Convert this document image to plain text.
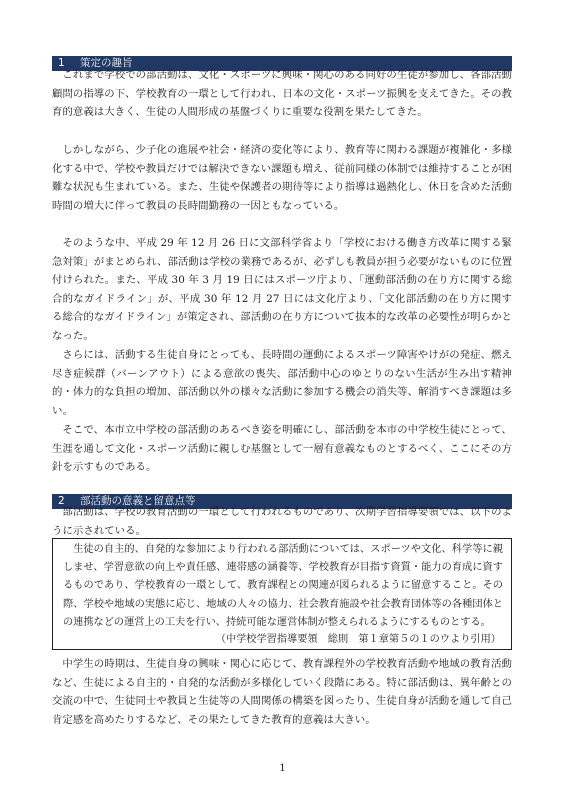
1 策定の趣旨

これまで学校での部活動は、文化・スポーツに興味・関心のある同好の生徒が参加し、各部活動顧問の指導の下、学校教育の一環として行われ、日本の文化・スポーツ振興を支えてきた。その教育的意義は大きく、生徒の人間形成の基盤づくりに重要な役割を果たしてきた。

しかしながら、少子化の進展や社会・経済の変化等により、教育等に関わる課題が複雑化・多様化する中で、学校や教員だけでは解決できない課題も増え、従前同様の体制では維持することが困難な状況も生まれている。また、生徒や保護者の期待等により指導は過熱化し、休日を含めた活動時間の増大に伴って教員の長時間勤務の一因ともなっている。

そのような中、平成 29 年 12 月 26 日に文部科学省より「学校における働き方改革に関する緊急対策」がまとめられ、部活動は学校の業務であるが、必ずしも教員が担う必要がないものに位置付けられた。また、平成 30 年 3 月 19 日にはスポーツ庁より、「運動部活動の在り方に関する総合的なガイドライン」が、平成 30 年 12 月 27 日には文化庁より、「文化部活動の在り方に関する総合的なガイドライン」が策定され、部活動の在り方について抜本的な改革の必要性が明らかとなった。

さらには、活動する生徒自身にとっても、長時間の運動によるスポーツ障害やけがの発症、燃え尽き症候群（バーンアウト）による意欲の喪失、部活動中心のゆとりのない生活が生み出す精神的・体力的な負担の増加、部活動以外の様々な活動に参加する機会の消失等、解消すべき課題は多い。

そこで、本市立中学校の部活動のあるべき姿を明確にし、部活動を本市の中学校生徒にとって、生涯を通して文化・スポーツ活動に親しむ基盤として一層有意義なものとするべく、ここにその方針を示すものである。

2 部活動の意義と留意点等

部活動は、学校の教育活動の一環として行われるものであり、次期学習指導要領では、以下のように示されている。

生徒の自主的、自発的な参加により行われる部活動については、スポーツや文化、科学等に親しませ、学習意欲の向上や責任感、連帯感の涵養等、学校教育が目指す資質・能力の育成に資するものであり、学校教育の一環として、教育課程との関連が図られるように留意すること。その際、学校や地域の実態に応じ、地域の人々の協力、社会教育施設や社会教育団体等の各種団体との連携などの運営上の工夫を行い、持続可能な運営体制が整えられるようにするものとする。

（中学校学習指導要領　総則　第１章第５の１のウより引用）

中学生の時期は、生徒自身の興味・関心に応じて、教育課程外の学校教育活動や地域の教育活動など、生徒による自主的・自発的な活動が多様化していく段階にある。特に部活動は、異年齢との交流の中で、生徒同士や教員と生徒等の人間関係の構築を図ったり、生徒自身が活動を通して自己肯定感を高めたりするなど、その果たしてきた教育的意義は大きい。

1
